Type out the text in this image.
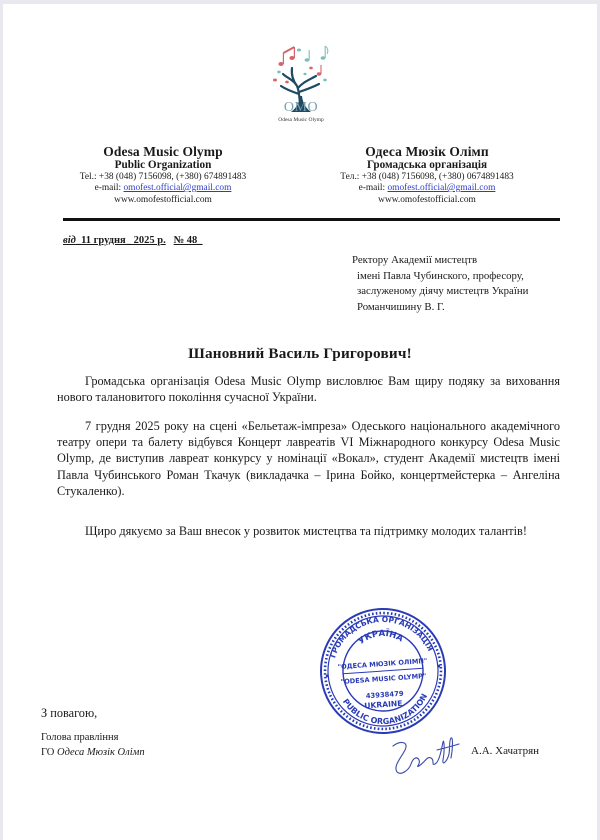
OMO
Odesa Music Olymp
Odesa Music Olymp
Public Organization
Tel.: +38 (048) 7156098, (+380) 674891483
e-mail: omofest.official@gmail.com
www.omofestofficial.com
Одеса Мюзік Олімп
Громадська організація
Тел.: +38 (048) 7156098, (+380) 0674891483
e-mail: omofest.official@gmail.com
www.omofestofficial.com
від_11 грудня_ 2025 р. № 48_
Ректору Академії мистецтв
імені Павла Чубинского, професору,
заслуженому діячу мистецтв України
Романчишину В. Г.
Шановний Василь Григорович!

Громадська організація Odesa Music Olymp висловлює Вам щиру подяку за виховання нового талановитого покоління сучасної України.

7 грудня 2025 року на сцені «Бельетаж-імпреза» Одеського національного академічного театру опери та балету відбувся Концерт лавреатів VI Міжнародного конкурсу Odesa Music Olymp, де виступив лавреат конкурсу у номінації «Вокал», студент Академії мистецтв імені Павла Чубинського Роман Ткачук (викладачка – Ірина Бойко, концертмейстерка – Ангеліна Стукаленко).

Щиро дякуємо за Ваш внесок у розвиток мистецтва та підтримку молодих талантів!

ГРОМАДСЬКА ОРГАНІЗАЦІЯ
УКРАЇНА
"ОДЕСА МЮЗІК ОЛІМП"
"ODESA MUSIC OLYMP"
43938479
UKRAINE
PUBLIC ORGANIZATION
З повагою,
Голова правління
ГО Одеса Мюзік Олімп	А.А. Хачатрян
